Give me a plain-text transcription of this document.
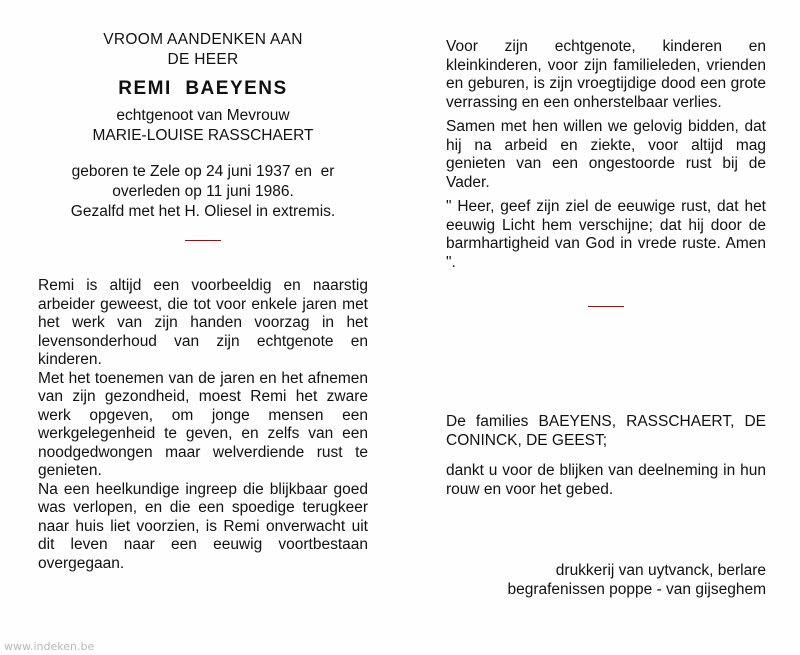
VROOM AANDENKEN AAN
DE HEER
REMI  BAEYENS
echtgenoot van Mevrouw
MARIE-LOUISE RASSCHAERT
geboren te Zele op 24 juni 1937 en  er
overleden op 11 juni 1986.
Gezalfd met het H. Oliesel in extremis.

Remi is altijd een voorbeeldig en naarstig arbeider geweest, die tot voor enkele jaren met het werk van zijn handen voorzag in het levensonderhoud van zijn echtgenote en kinderen.

Met het toenemen van de jaren en het afnemen van zijn gezondheid, moest Remi het zware werk opgeven, om jonge mensen een werkgelegenheid te geven, en zelfs van een noodgedwongen maar welverdiende rust te genieten.

Na een heelkundige ingreep die blijkbaar goed was verlopen, en die een spoedige terugkeer naar huis liet voorzien, is Remi onverwacht uit dit leven naar een eeuwig voortbestaan overgegaan.

Voor zijn echtgenote, kinderen en kleinkinderen, voor zijn familieleden, vrienden en geburen, is zijn vroegtijdige dood een grote verrassing en een onherstelbaar verlies.

Samen met hen willen we gelovig bidden, dat hij na arbeid en ziekte, voor altijd mag genieten van een ongestoorde rust bij de Vader.

" Heer, geef zijn ziel de eeuwige rust, dat het eeuwig Licht hem verschijne; dat hij door de barmhartigheid van God in vrede ruste. Amen ".

De families BAEYENS, RASSCHAERT, DE CONINCK, DE GEEST;
dankt u voor de blijken van deelneming in hun rouw en voor het gebed.
drukkerij van uytvanck, berlare
begrafenissen poppe - van gijseghem
www.indeken.be
